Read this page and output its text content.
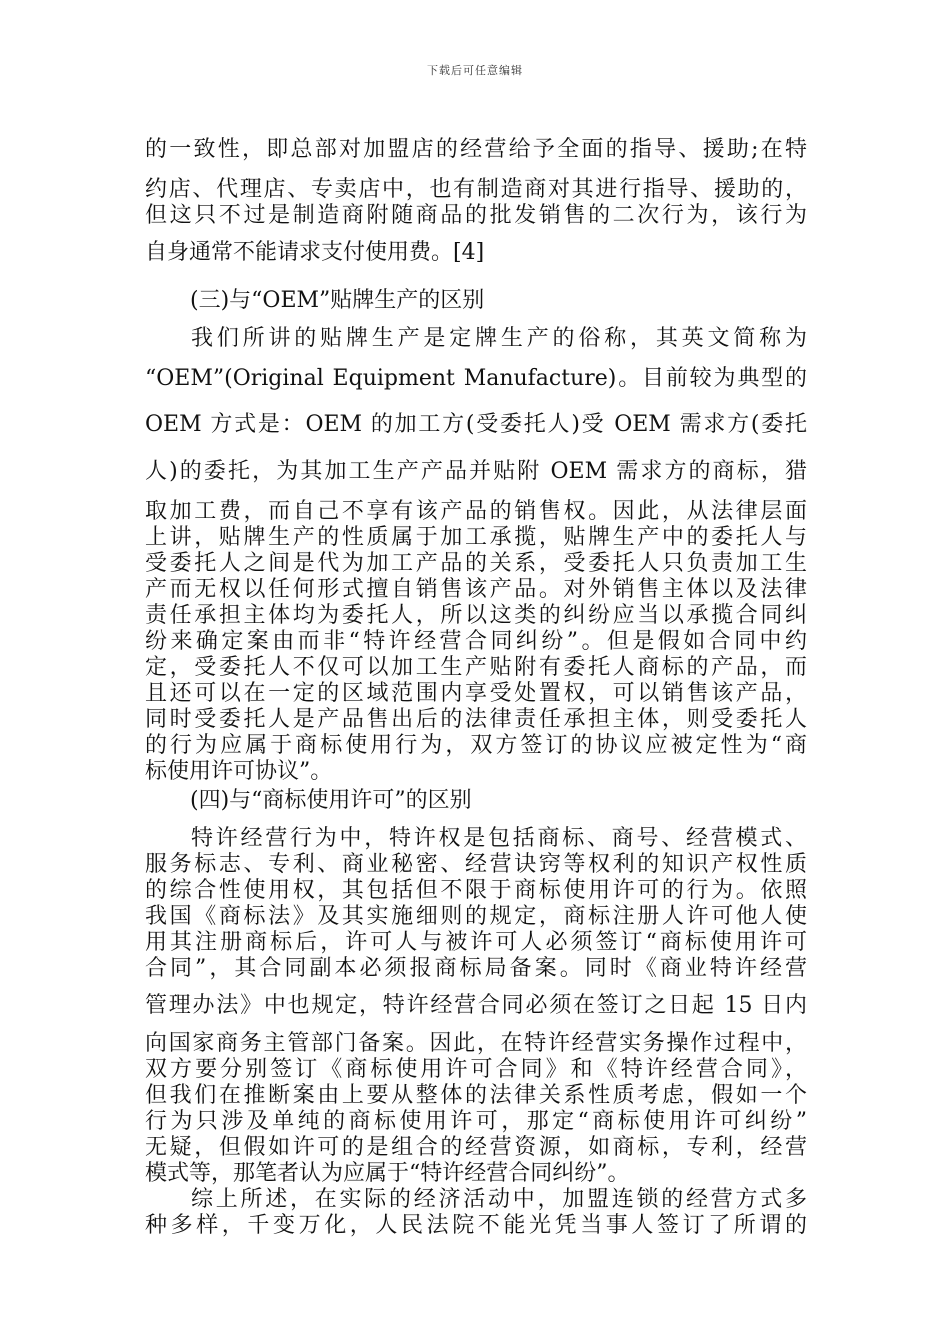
下载后可任意编辑
的一致性，即总部对加盟店的经营给予全面的指导、援助;在特
约店、代理店、专卖店中，也有制造商对其进行指导、援助的，
但这只不过是制造商附随商品的批发销售的二次行为，该行为
自身通常不能请求支付使用费。[4]
(三)与“OEM”贴牌生产的区别
我们所讲的贴牌生产是定牌生产的俗称，其英文简称为
“OEM”(Original Equipment Manufacture)。目前较为典型的
OEM 方式是：OEM 的加工方(受委托人)受 OEM 需求方(委托
人)的委托，为其加工生产产品并贴附 OEM 需求方的商标，猎
取加工费，而自己不享有该产品的销售权。因此，从法律层面
上讲，贴牌生产的性质属于加工承揽，贴牌生产中的委托人与
受委托人之间是代为加工产品的关系，受委托人只负责加工生
产而无权以任何形式擅自销售该产品。对外销售主体以及法律
责任承担主体均为委托人，所以这类的纠纷应当以承揽合同纠
纷来确定案由而非“特许经营合同纠纷”。但是假如合同中约
定，受委托人不仅可以加工生产贴附有委托人商标的产品，而
且还可以在一定的区域范围内享受处置权，可以销售该产品，
同时受委托人是产品售出后的法律责任承担主体，则受委托人
的行为应属于商标使用行为，双方签订的协议应被定性为“商
标使用许可协议”。
(四)与“商标使用许可”的区别
特许经营行为中，特许权是包括商标、商号、经营模式、
服务标志、专利、商业秘密、经营诀窍等权利的知识产权性质
的综合性使用权，其包括但不限于商标使用许可的行为。依照
我国《商标法》及其实施细则的规定，商标注册人许可他人使
用其注册商标后，许可人与被许可人必须签订“商标使用许可
合同”，其合同副本必须报商标局备案。同时《商业特许经营
管理办法》中也规定，特许经营合同必须在签订之日起 15 日内
向国家商务主管部门备案。因此，在特许经营实务操作过程中，
双方要分别签订《商标使用许可合同》和《特许经营合同》，
但我们在推断案由上要从整体的法律关系性质考虑，假如一个
行为只涉及单纯的商标使用许可，那定“商标使用许可纠纷”
无疑，但假如许可的是组合的经营资源，如商标，专利，经营
模式等，那笔者认为应属于“特许经营合同纠纷”。
综上所述，在实际的经济活动中，加盟连锁的经营方式多
种多样，千变万化，人民法院不能光凭当事人签订了所谓的
